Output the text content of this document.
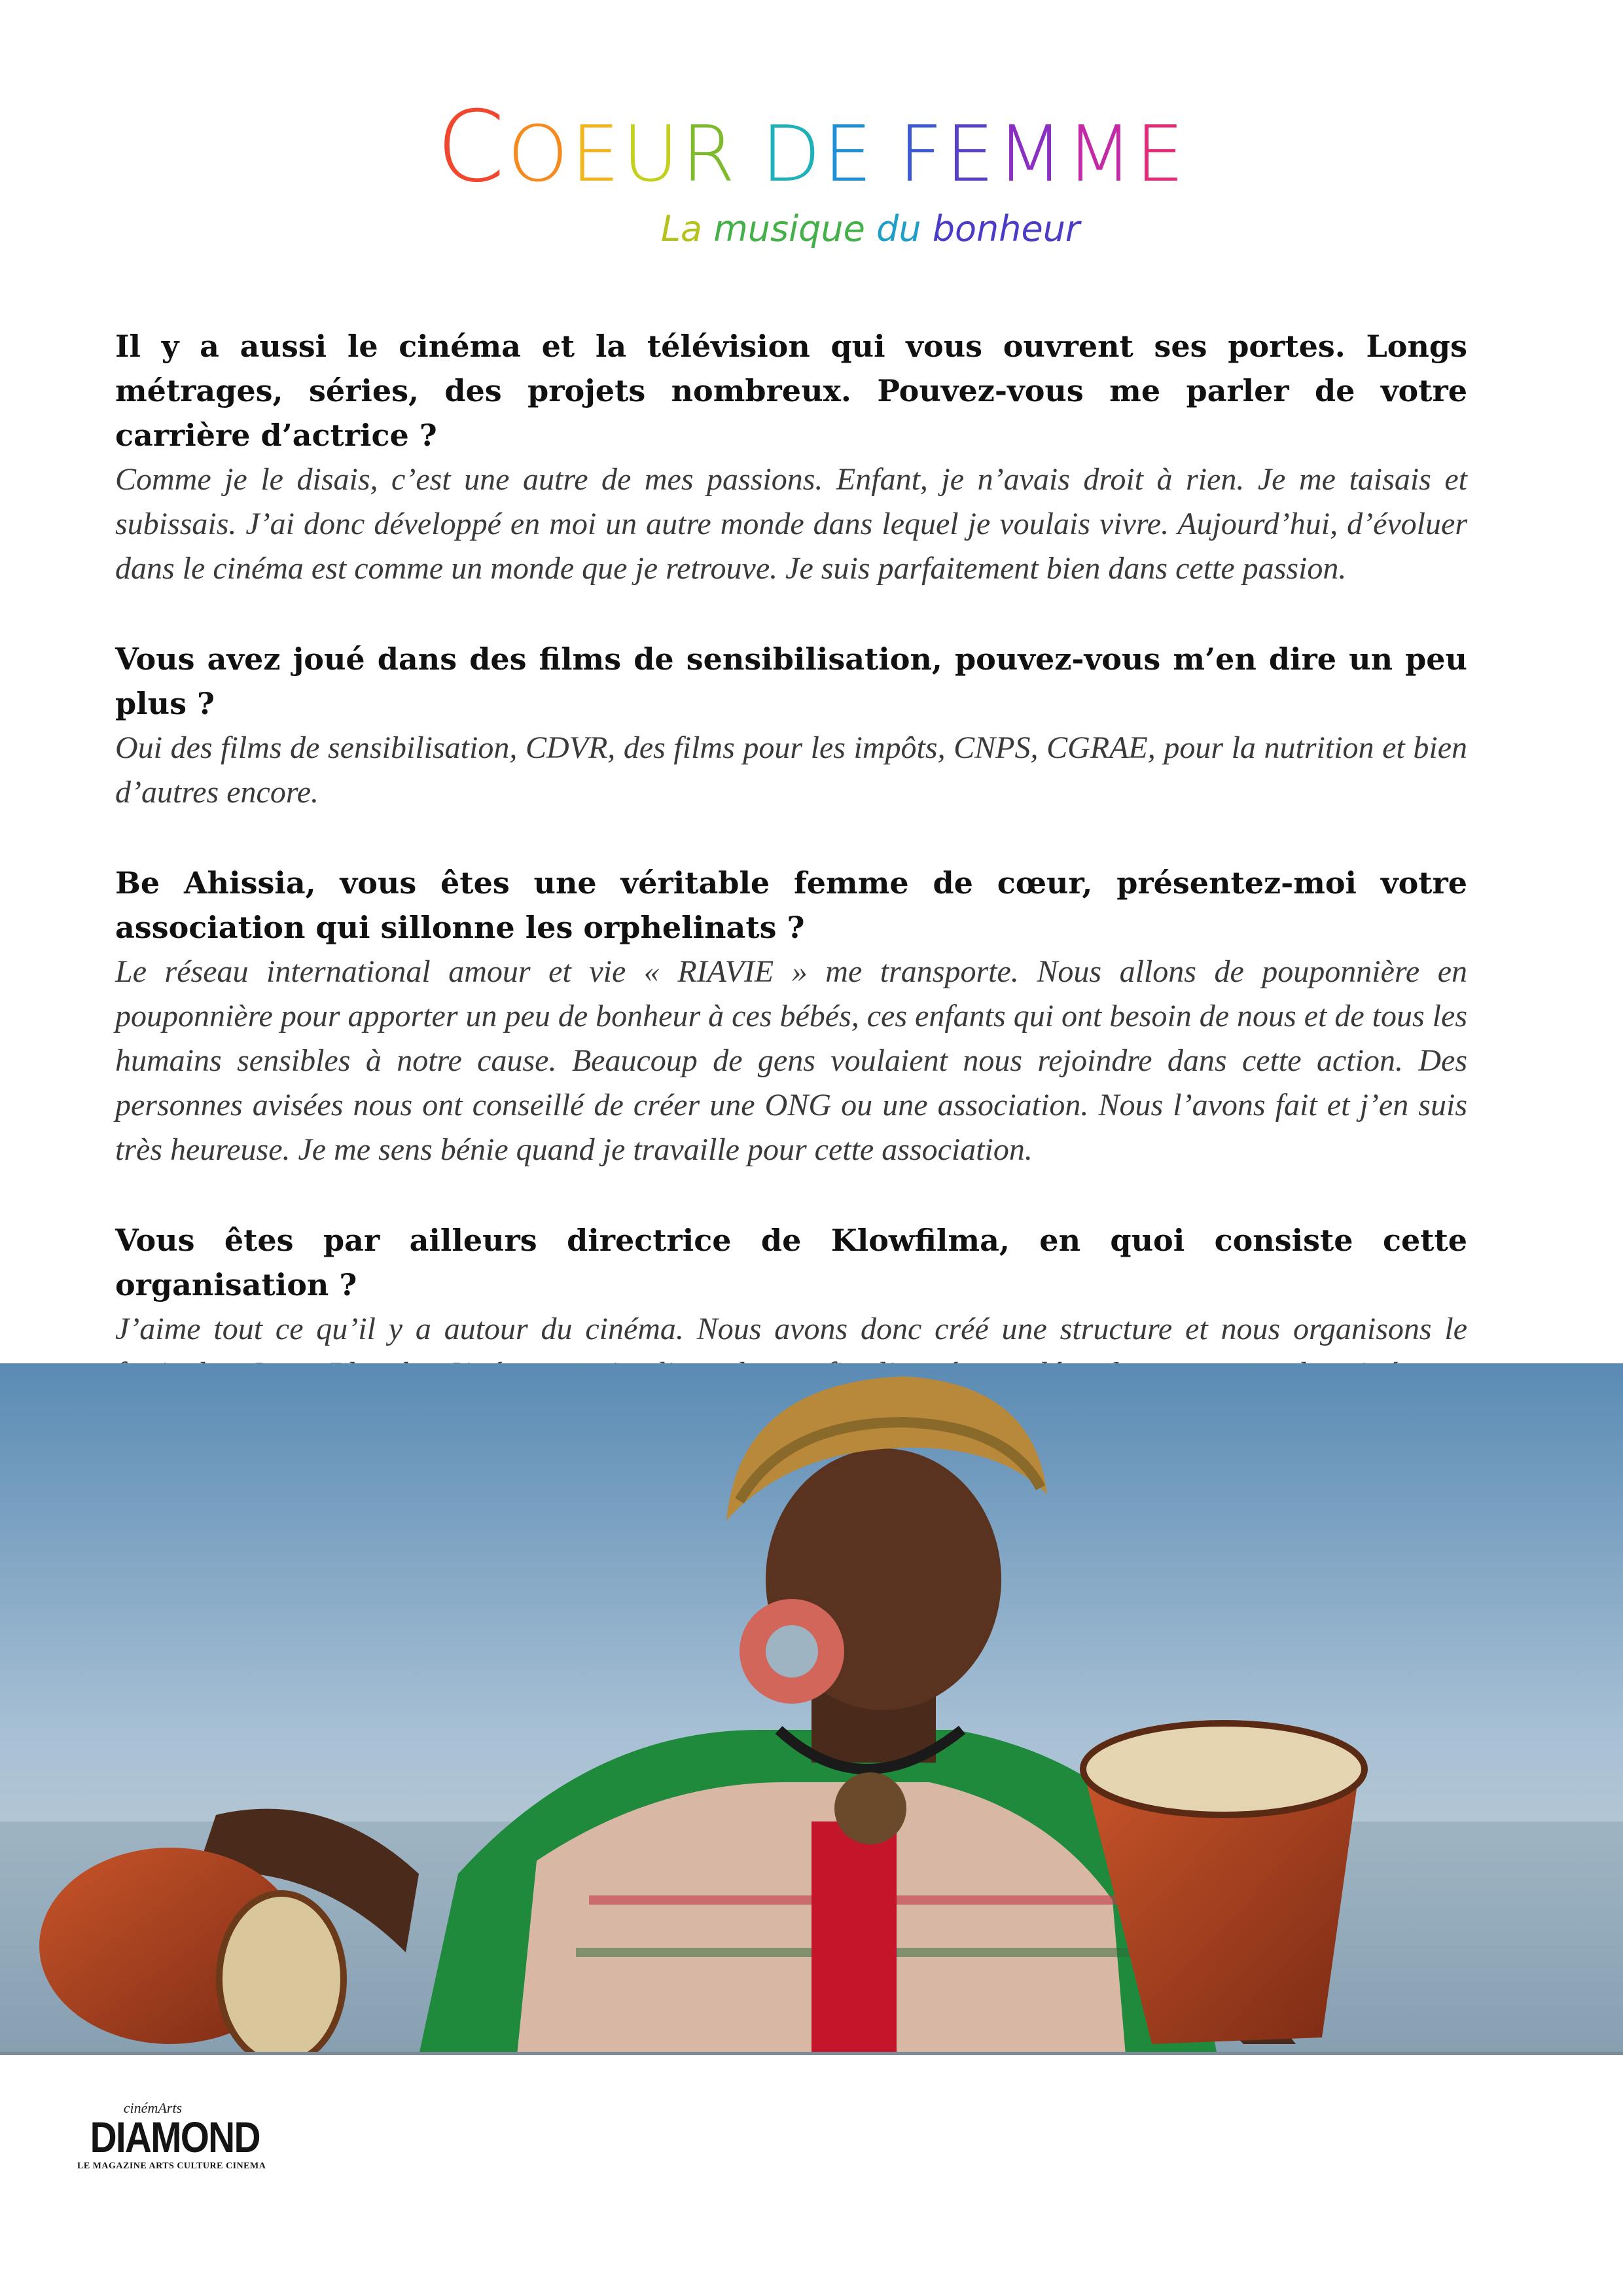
COEUR DE FEMME
La musique du bonheur

Il y a aussi le cinéma et la télévision qui vous ouvrent ses portes. Longs métrages, séries, des projets nombreux. Pouvez-vous me parler de votre carrière d’actrice ?

Comme je le disais, c’est une autre de mes passions. Enfant, je n’avais droit à rien. Je me taisais et subissais. J’ai donc développé en moi un autre monde dans lequel je voulais vivre. Aujourd’hui, d’évoluer dans le cinéma est comme un monde que je retrouve. Je suis parfaitement bien dans cette passion.

Vous avez joué dans des films de sensibilisation, pouvez-vous m’en dire un peu plus ?

Oui des films de sensibilisation, CDVR, des films pour les impôts, CNPS, CGRAE, pour la nutrition et bien d’autres encore.

Be Ahissia, vous êtes une véritable femme de cœur, présentez-moi votre association qui sillonne les orphelinats ?

Le réseau international amour et vie « RIAVIE » me transporte. Nous allons de pouponnière en pouponnière pour apporter un peu de bonheur à ces bébés, ces enfants qui ont besoin de nous et de tous les humains sensibles à notre cause. Beaucoup de gens voulaient nous rejoindre dans cette action. Des personnes avisées nous ont conseillé de créer une ONG ou une association. Nous l’avons fait et j’en suis très heureuse. Je me sens bénie quand je travaille pour cette association.

Vous êtes par ailleurs directrice de Klowfilma, en quoi consiste cette organisation ?

J’aime tout ce qu’il y a autour du cinéma. Nous avons donc créé une structure et nous organisons le

cinémArts
DIAMOND
LE MAGAZINE ARTS CULTURE CINEMA
